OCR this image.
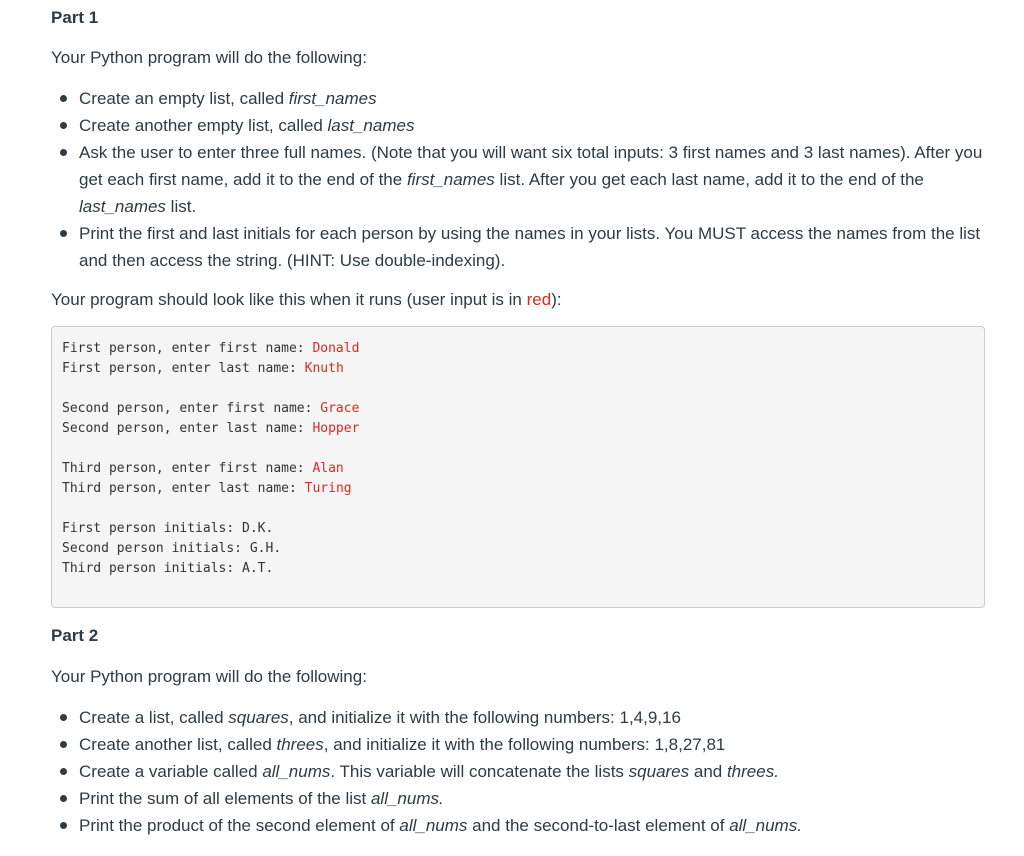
Part 1

Your Python program will do the following:

Create an empty list, called first_names
Create another empty list, called last_names
Ask the user to enter three full names. (Note that you will want six total inputs: 3 first names and 3 last names). After you get each first name, add it to the end of the first_names list. After you get each last name, add it to the end of the last_names list.
Print the first and last initials for each person by using the names in your lists. You MUST access the names from the list and then access the string. (HINT: Use double-indexing).

Your program should look like this when it runs (user input is in red):

First person, enter first name: Donald
First person, enter last name: Knuth
Second person, enter first name: Grace
Second person, enter last name: Hopper
Third person, enter first name: Alan
Third person, enter last name: Turing
First person initials: D.K.
Second person initials: G.H.
Third person initials: A.T.
Part 2

Your Python program will do the following:

Create a list, called squares, and initialize it with the following numbers: 1,4,9,16
Create another list, called threes, and initialize it with the following numbers: 1,8,27,81
Create a variable called all_nums. This variable will concatenate the lists squares and threes.
Print the sum of all elements of the list all_nums.
Print the product of the second element of all_nums and the second-to-last element of all_nums.
